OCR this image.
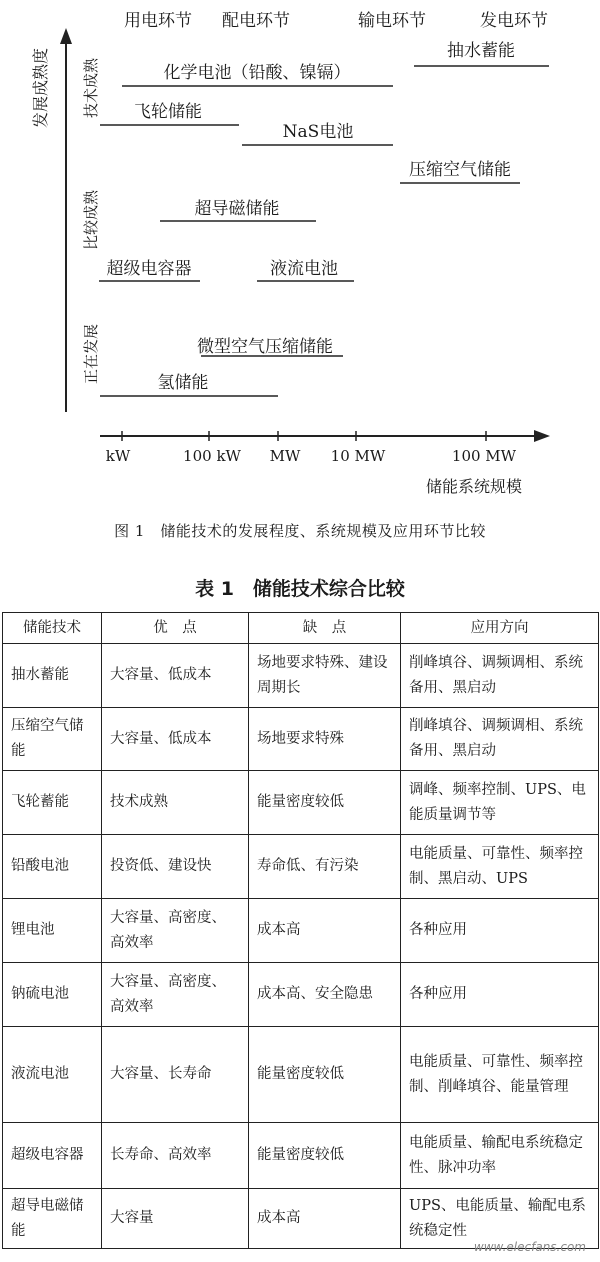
kW	100 kW MW 10 MW	100 MW
储能系统规模
发展成熟度 技术成熟
比较成熟
正在发展
用电环节 配电环节	输电环节	发电环节
抽水蓄能
化学电池（铅酸、镍镉）
飞轮储能
NaS电池
压缩空气储能
超导磁储能
超级电容器	液流电池
微型空气压缩储能
氢储能
图 1　储能技术的发展程度、系统规模及应用环节比较
表 1　储能技术综合比较
储能技术	优　点	缺　点	应用方向
抽水蓄能	大容量、低成本	场地要求特殊、建设周期长	削峰填谷、调频调相、系统备用、黑启动
压缩空气储能	大容量、低成本	场地要求特殊	削峰填谷、调频调相、系统备用、黑启动
飞轮蓄能	技术成熟	能量密度较低	调峰、频率控制、UPS、电能质量调节等
铅酸电池	投资低、建设快	寿命低、有污染	电能质量、可靠性、频率控制、黑启动、UPS
锂电池	大容量、高密度、高效率	成本高	各种应用
钠硫电池	大容量、高密度、高效率	成本高、安全隐患	各种应用
液流电池	大容量、长寿命	能量密度较低	电能质量、可靠性、频率控制、削峰填谷、能量管理
超级电容器	长寿命、高效率	能量密度较低	电能质量、输配电系统稳定性、脉冲功率
超导电磁储能	大容量	成本高	UPS、电能质量、输配电系统稳定性
www.elecfans.com
